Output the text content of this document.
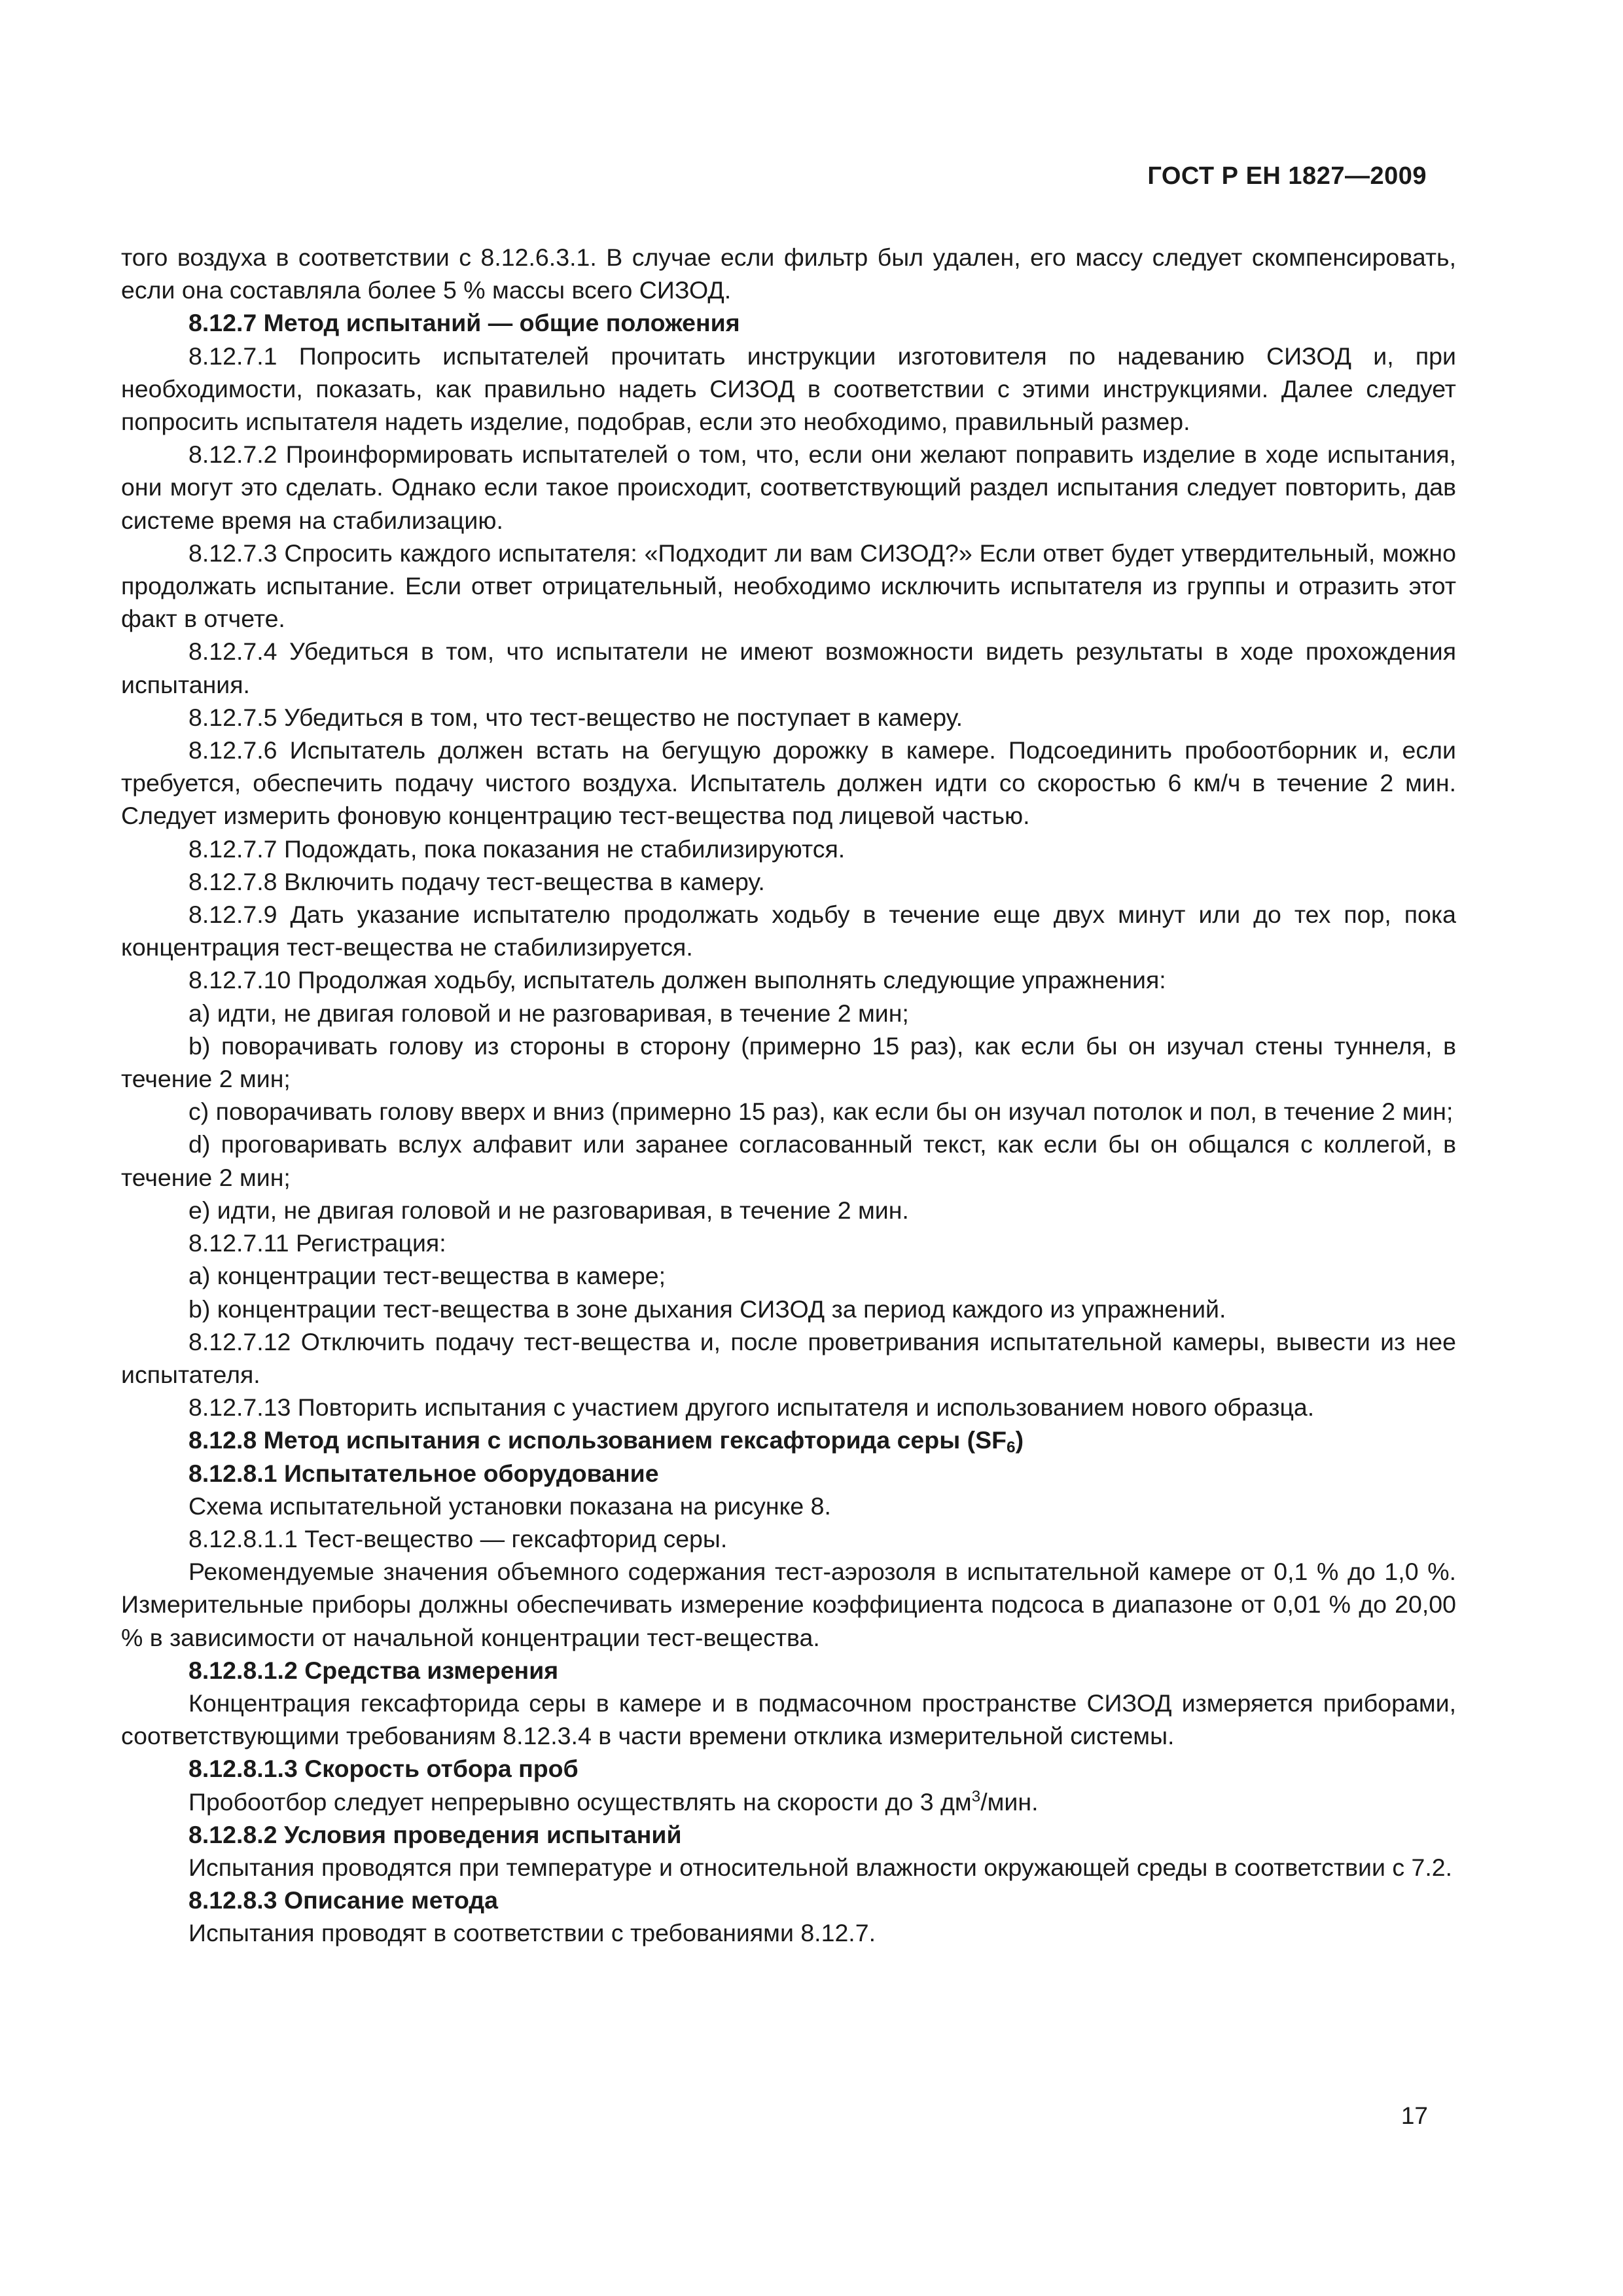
ГОСТ Р ЕН 1827—2009

того воздуха в соответствии с 8.12.6.3.1. В случае если фильтр был удален, его массу следует скомпенсировать, если она составляла более 5 % массы всего СИЗОД.

8.12.7 Метод испытаний — общие положения

8.12.7.1 Попросить испытателей прочитать инструкции изготовителя по надеванию СИЗОД и, при необходимости, показать, как правильно надеть СИЗОД в соответствии с этими инструкциями. Далее следует попросить испытателя надеть изделие, подобрав, если это необходимо, правильный размер.

8.12.7.2 Проинформировать испытателей о том, что, если они желают поправить изделие в ходе испытания, они могут это сделать. Однако если такое происходит, соответствующий раздел испытания следует повторить, дав системе время на стабилизацию.

8.12.7.3 Спросить каждого испытателя: «Подходит ли вам СИЗОД?» Если ответ будет утвердительный, можно продолжать испытание. Если ответ отрицательный, необходимо исключить испытателя из группы и отразить этот факт в отчете.

8.12.7.4 Убедиться в том, что испытатели не имеют возможности видеть результаты в ходе прохождения испытания.

8.12.7.5 Убедиться в том, что тест-вещество не поступает в камеру.

8.12.7.6 Испытатель должен встать на бегущую дорожку в камере. Подсоединить пробоотборник и, если требуется, обеспечить подачу чистого воздуха. Испытатель должен идти со скоростью 6 км/ч в течение 2 мин. Следует измерить фоновую концентрацию тест-вещества под лицевой частью.

8.12.7.7 Подождать, пока показания не стабилизируются.

8.12.7.8 Включить подачу тест-вещества в камеру.

8.12.7.9 Дать указание испытателю продолжать ходьбу в течение еще двух минут или до тех пор, пока концентрация тест-вещества не стабилизируется.

8.12.7.10 Продолжая ходьбу, испытатель должен выполнять следующие упражнения:

a) идти, не двигая головой и не разговаривая, в течение 2 мин;

b) поворачивать голову из стороны в сторону (примерно 15 раз), как если бы он изучал стены туннеля, в течение 2 мин;

c) поворачивать голову вверх и вниз (примерно 15 раз), как если бы он изучал потолок и пол, в течение 2 мин;

d) проговаривать вслух алфавит или заранее согласованный текст, как если бы он общался с коллегой, в течение 2 мин;

e) идти, не двигая головой и не разговаривая, в течение 2 мин.

8.12.7.11 Регистрация:

a) концентрации тест-вещества в камере;

b) концентрации тест-вещества в зоне дыхания СИЗОД за период каждого из упражнений.

8.12.7.12 Отключить подачу тест-вещества и, после проветривания испытательной камеры, вывести из нее испытателя.

8.12.7.13 Повторить испытания с участием другого испытателя и использованием нового образца.

8.12.8 Метод испытания с использованием гексафторида серы $(SF_6)$

8.12.8.1 Испытательное оборудование

Схема испытательной установки показана на рисунке 8.

8.12.8.1.1 Тест-вещество — гексафторид серы.

Рекомендуемые значения объемного содержания тест-аэрозоля в испытательной камере от 0,1 % до 1,0 %. Измерительные приборы должны обеспечивать измерение коэффициента подсоса в диапазоне от 0,01 % до 20,00 % в зависимости от начальной концентрации тест-вещества.

8.12.8.1.2 Средства измерения

Концентрация гексафторида серы в камере и в подмасочном пространстве СИЗОД измеряется приборами, соответствующими требованиям 8.12.3.4 в части времени отклика измерительной системы.

8.12.8.1.3 Скорость отбора проб

Пробоотбор следует непрерывно осуществлять на скорости до 3 $дм^3$/мин.

8.12.8.2 Условия проведения испытаний

Испытания проводятся при температуре и относительной влажности окружающей среды в соответствии с 7.2.

8.12.8.3 Описание метода

Испытания проводят в соответствии с требованиями 8.12.7.

17
